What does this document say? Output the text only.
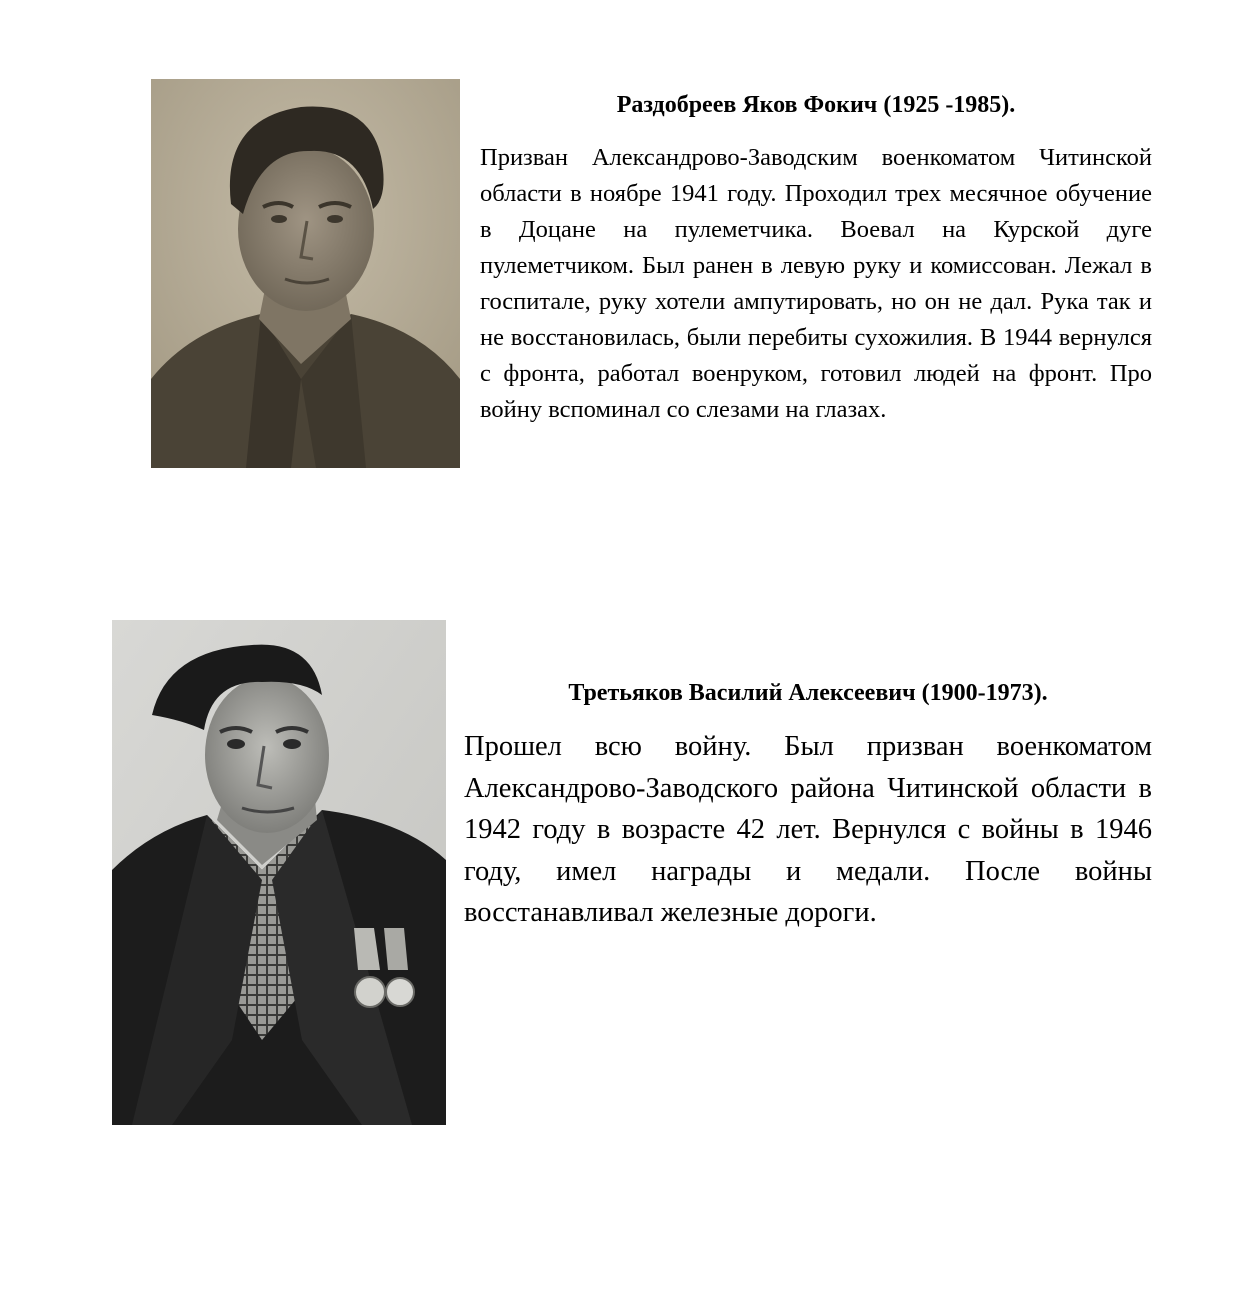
Раздобреев Яков Фокич (1925 -1985).

Призван Александрово-Заводским военкоматом Читинской области в ноябре 1941 году. Проходил трех месячное обучение в Доцане на пулеметчика. Воевал на Курской дуге пулеметчиком. Был ранен в левую руку и комиссован. Лежал в госпитале, руку хотели ампутировать, но он не дал. Рука так и не восстановилась, были перебиты сухожилия. В 1944 вернулся с фронта, работал военруком, готовил людей на фронт. Про войну вспоминал со слезами на глазах.

Третьяков Василий Алексеевич (1900-1973).

Прошел всю войну. Был призван военкоматом Александрово-Заводского района Читинской области в 1942 году в возрасте 42 лет. Вернулся с войны в 1946 году, имел награды и медали. После войны восстанавливал железные дороги.
